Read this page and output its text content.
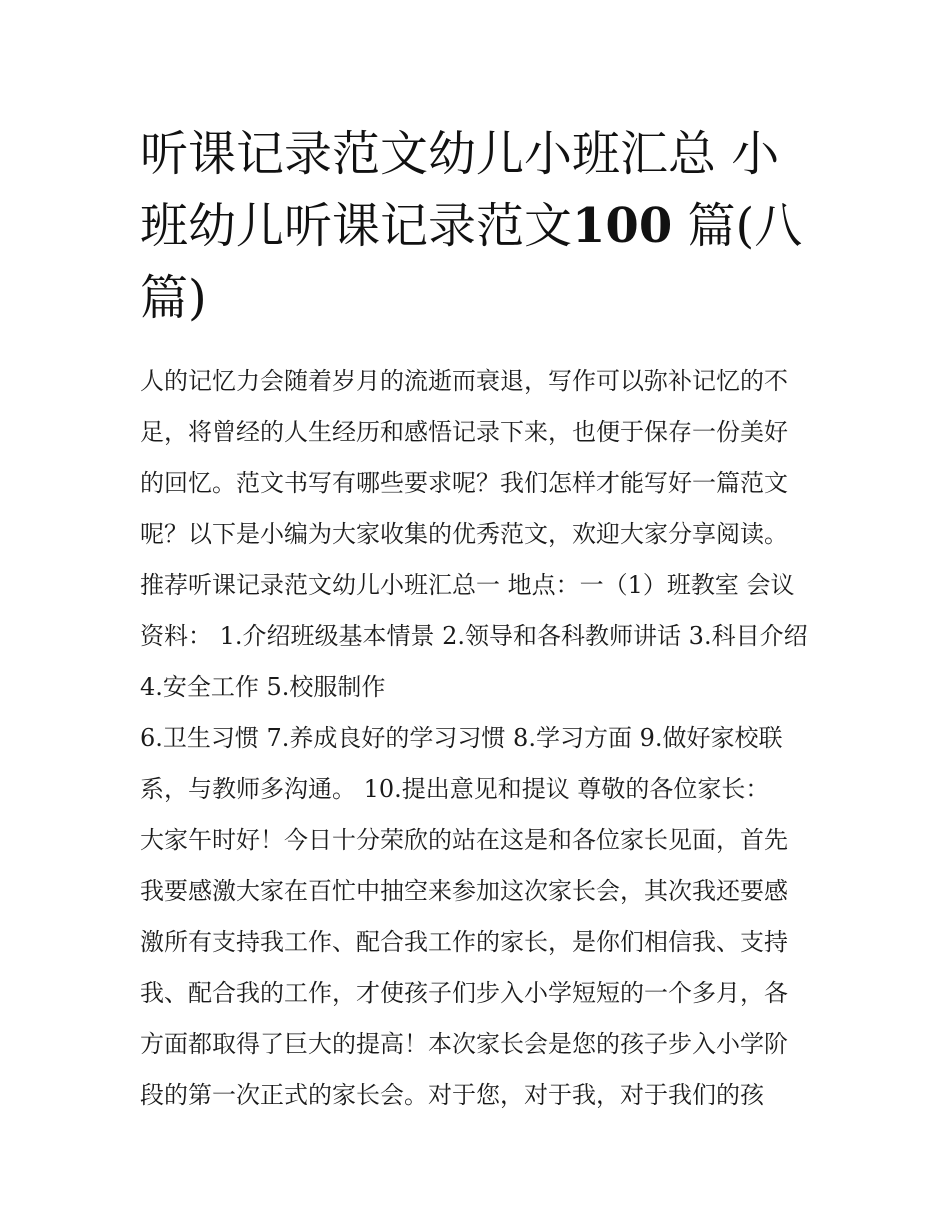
听课记录范文幼儿小班汇总 小
班幼儿听课记录范文100 篇(八
篇)
人的记忆力会随着岁月的流逝而衰退，写作可以弥补记忆的不
足，将曾经的人生经历和感悟记录下来，也便于保存一份美好
的回忆。范文书写有哪些要求呢？我们怎样才能写好一篇范文
呢？以下是小编为大家收集的优秀范文，欢迎大家分享阅读。
推荐听课记录范文幼儿小班汇总一 地点：一（1）班教室 会议
资料： 1.介绍班级基本情景 2.领导和各科教师讲话 3.科目介绍
4.安全工作 5.校服制作
6.卫生习惯 7.养成良好的学习习惯 8.学习方面 9.做好家校联
系，与教师多沟通。 10.提出意见和提议 尊敬的各位家长：
大家午时好！今日十分荣欣的站在这是和各位家长见面，首先
我要感激大家在百忙中抽空来参加这次家长会，其次我还要感
激所有支持我工作、配合我工作的家长，是你们相信我、支持
我、配合我的工作，才使孩子们步入小学短短的一个多月，各
方面都取得了巨大的提高！本次家长会是您的孩子步入小学阶
段的第一次正式的家长会。对于您，对于我，对于我们的孩
